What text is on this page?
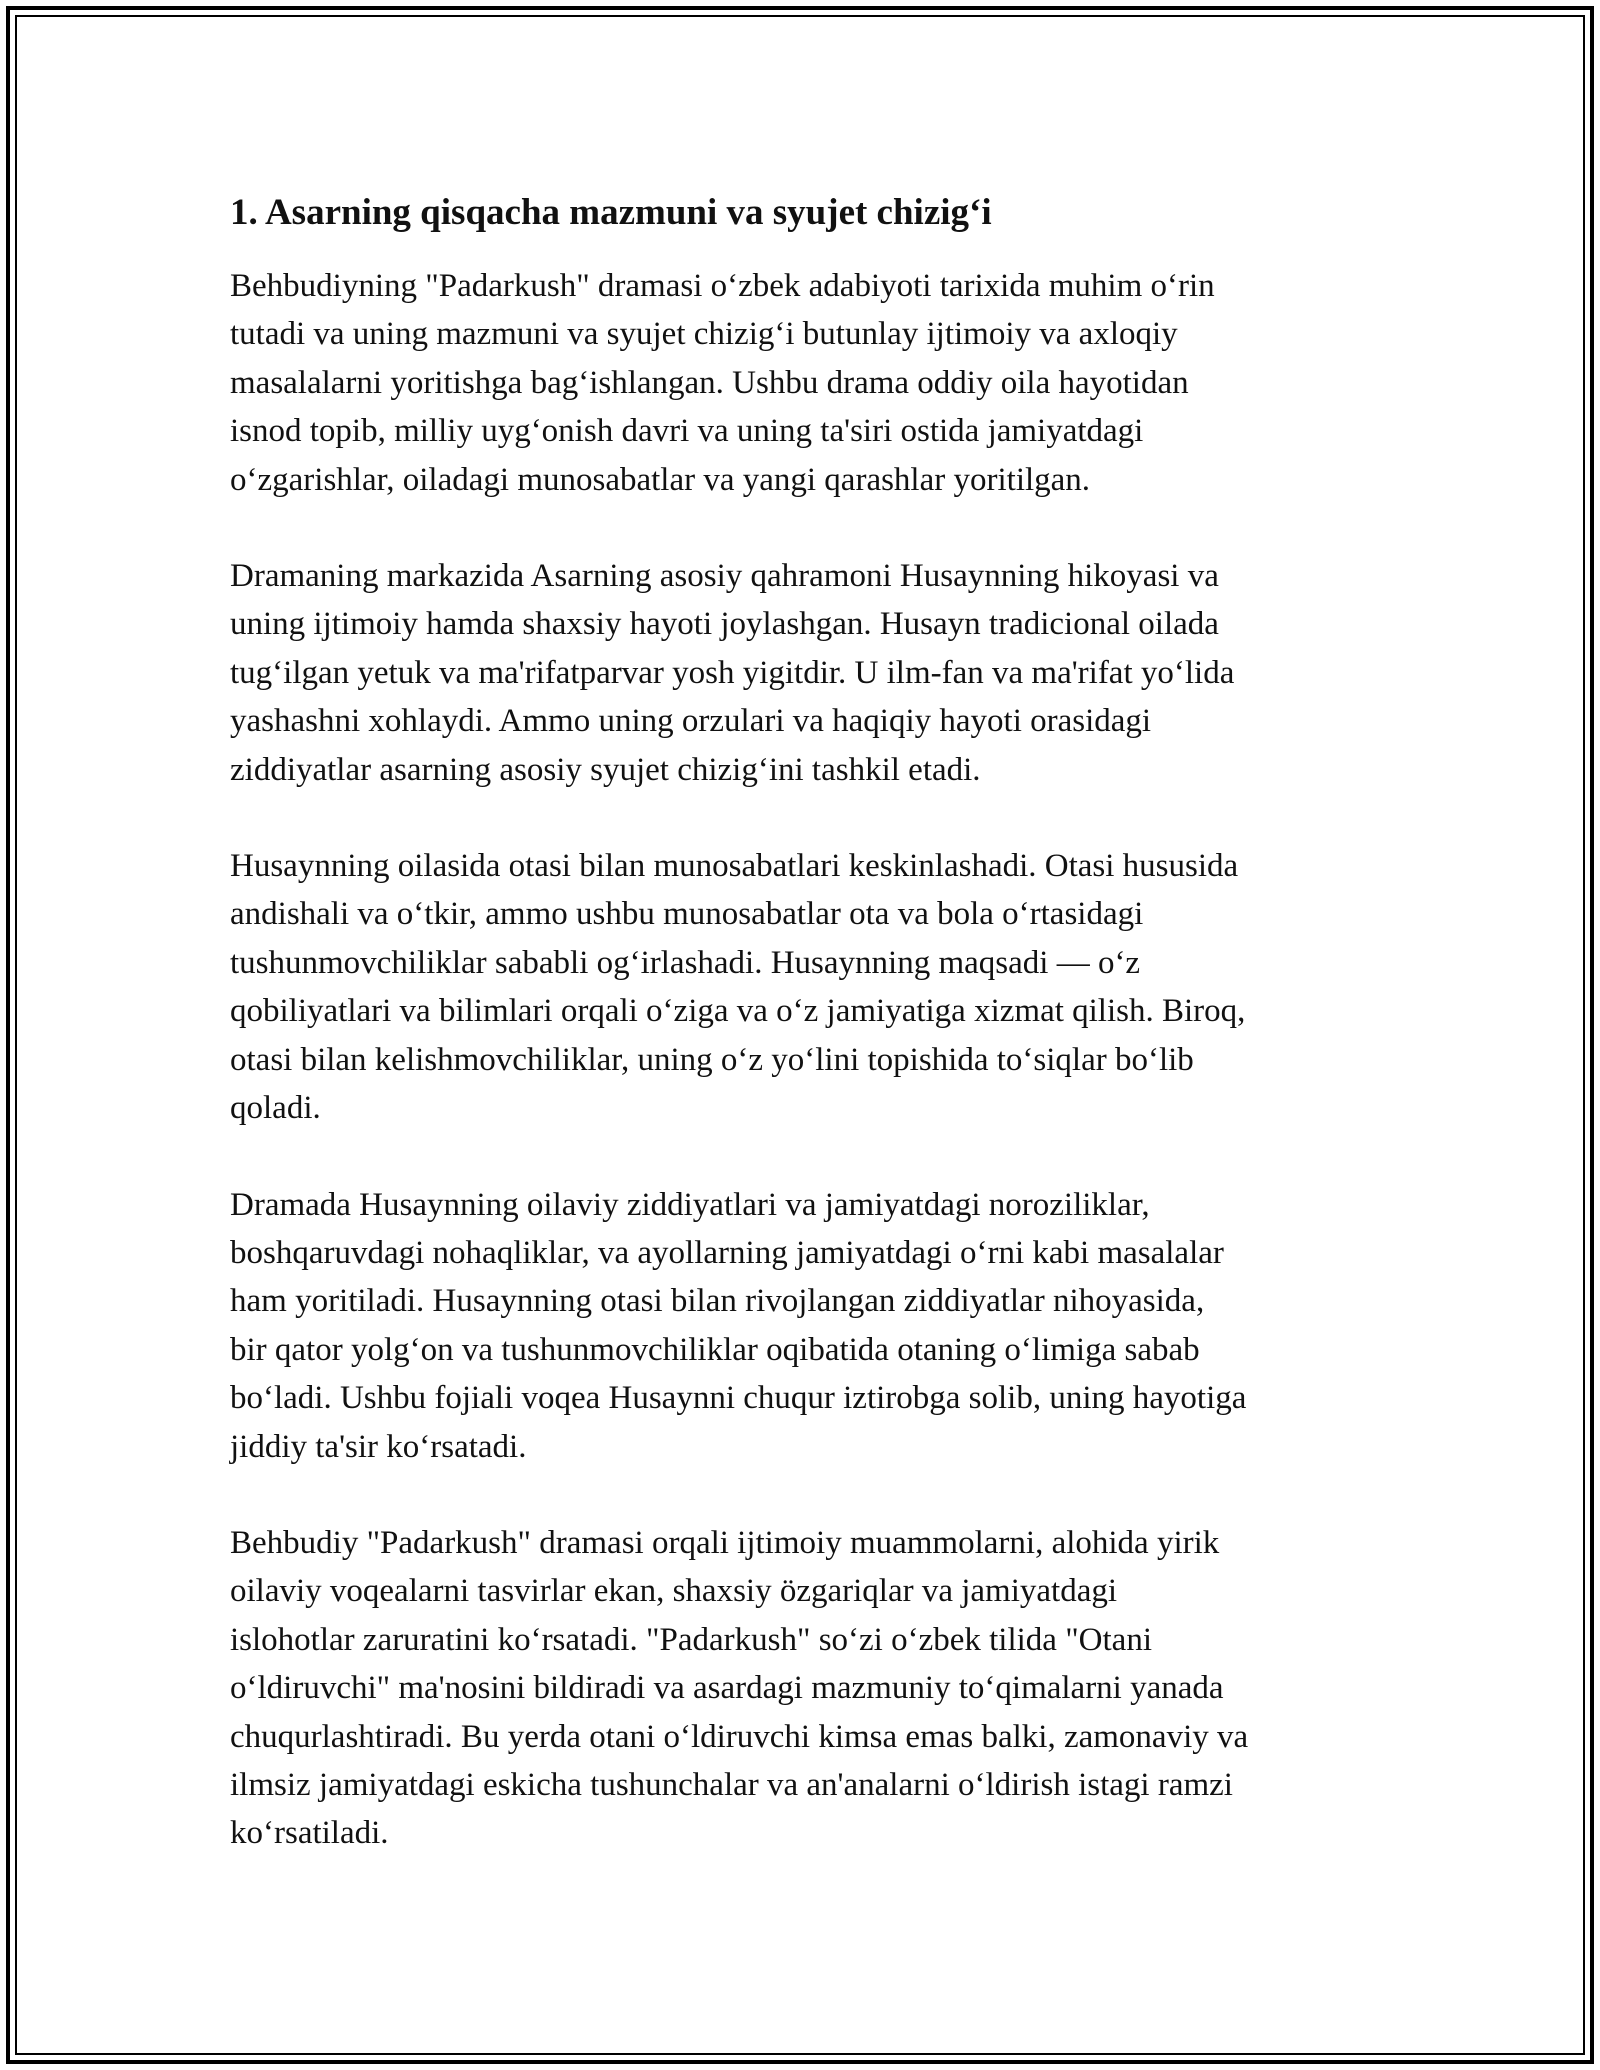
1. Asarning qisqacha mazmuni va syujet chizig‘i

Behbudiyning "Padarkush" dramasi o‘zbek adabiyoti tarixida muhim o‘rin
tutadi va uning mazmuni va syujet chizig‘i butunlay ijtimoiy va axloqiy
masalalarni yoritishga bag‘ishlangan. Ushbu drama oddiy oila hayotidan
isnod topib, milliy uyg‘onish davri va uning ta'siri ostida jamiyatdagi
o‘zgarishlar, oiladagi munosabatlar va yangi qarashlar yoritilgan.

Dramaning markazida Asarning asosiy qahramoni Husaynning hikoyasi va
uning ijtimoiy hamda shaxsiy hayoti joylashgan. Husayn tradicional oilada
tug‘ilgan yetuk va ma'rifatparvar yosh yigitdir. U ilm-fan va ma'rifat yo‘lida
yashashni xohlaydi. Ammo uning orzulari va haqiqiy hayoti orasidagi
ziddiyatlar asarning asosiy syujet chizig‘ini tashkil etadi.

Husaynning oilasida otasi bilan munosabatlari keskinlashadi. Otasi hususida
andishali va o‘tkir, ammo ushbu munosabatlar ota va bola o‘rtasidagi
tushunmovchiliklar sababli og‘irlashadi. Husaynning maqsadi — o‘z
qobiliyatlari va bilimlari orqali o‘ziga va o‘z jamiyatiga xizmat qilish. Biroq,
otasi bilan kelishmovchiliklar, uning o‘z yo‘lini topishida to‘siqlar bo‘lib
qoladi.

Dramada Husaynning oilaviy ziddiyatlari va jamiyatdagi noroziliklar,
boshqaruvdagi nohaqliklar, va ayollarning jamiyatdagi o‘rni kabi masalalar
ham yoritiladi. Husaynning otasi bilan rivojlangan ziddiyatlar nihoyasida,
bir qator yolg‘on va tushunmovchiliklar oqibatida otaning o‘limiga sabab
bo‘ladi. Ushbu fojiali voqea Husaynni chuqur iztirobga solib, uning hayotiga
jiddiy ta'sir ko‘rsatadi.

Behbudiy "Padarkush" dramasi orqali ijtimoiy muammolarni, alohida yirik
oilaviy voqealarni tasvirlar ekan, shaxsiy özgariqlar va jamiyatdagi
islohotlar zaruratini ko‘rsatadi. "Padarkush" so‘zi o‘zbek tilida "Otani
o‘ldiruvchi" ma'nosini bildiradi va asardagi mazmuniy to‘qimalarni yanada
chuqurlashtiradi. Bu yerda otani o‘ldiruvchi kimsa emas balki, zamonaviy va
ilmsiz jamiyatdagi eskicha tushunchalar va an'analarni o‘ldirish istagi ramzi
ko‘rsatiladi.
